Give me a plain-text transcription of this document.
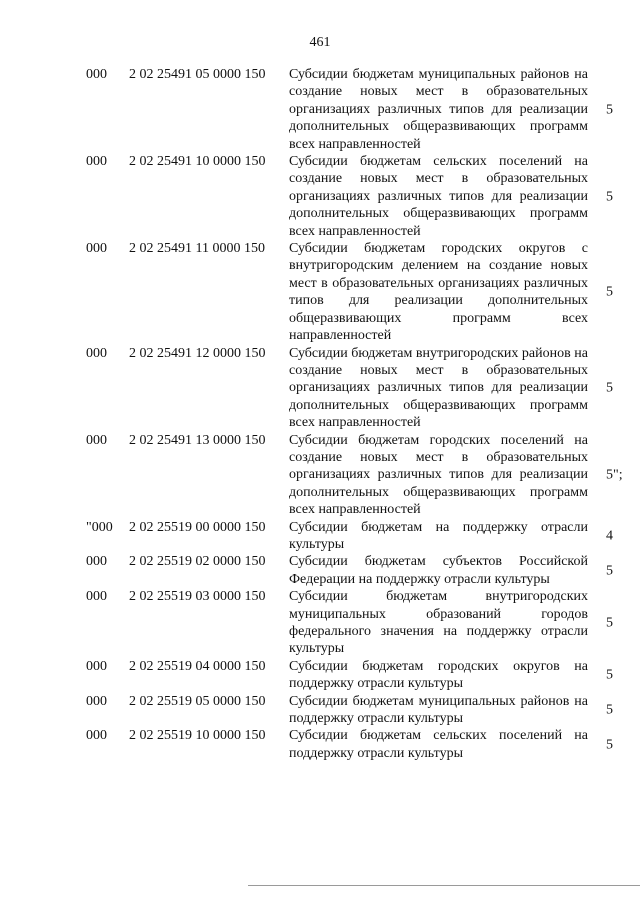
461
000 2 02 25491 05 0000 150 Субсидии бюджетам муниципальных районов на создание новых мест в образовательных организациях различных типов для реализации дополнительных общеразвивающих программ всех направленностей
5
000 2 02 25491 10 0000 150 Субсидии бюджетам сельских поселений на создание новых мест в образовательных организациях различных типов для реализации дополнительных общеразвивающих программ всех направленностей
5
000 2 02 25491 11 0000 150 Субсидии бюджетам городских округов с внутригородским делением на создание новых мест в образовательных организациях различных типов для реализации дополнительных общеразвивающих программ всех направленностей
5
000 2 02 25491 12 0000 150 Субсидии бюджетам внутригородских районов на создание новых мест в образовательных организациях различных типов для реализации дополнительных общеразвивающих программ всех направленностей
5
000 2 02 25491 13 0000 150 Субсидии бюджетам городских поселений на создание новых мест в образовательных организациях различных типов для реализации дополнительных общеразвивающих программ всех направленностей
5";
"000 2 02 25519 00 0000 150 Субсидии бюджетам на поддержку отрасли культуры
4
000 2 02 25519 02 0000 150 Субсидии бюджетам субъектов Российской Федерации на поддержку отрасли культуры
5
000 2 02 25519 03 0000 150 Субсидии бюджетам внутригородских муниципальных образований городов федерального значения на поддержку отрасли культуры
5
000 2 02 25519 04 0000 150 Субсидии бюджетам городских округов на поддержку отрасли культуры
5
000 2 02 25519 05 0000 150 Субсидии бюджетам муниципальных районов на поддержку отрасли культуры
5
000 2 02 25519 10 0000 150 Субсидии бюджетам сельских поселений на поддержку отрасли культуры
5
